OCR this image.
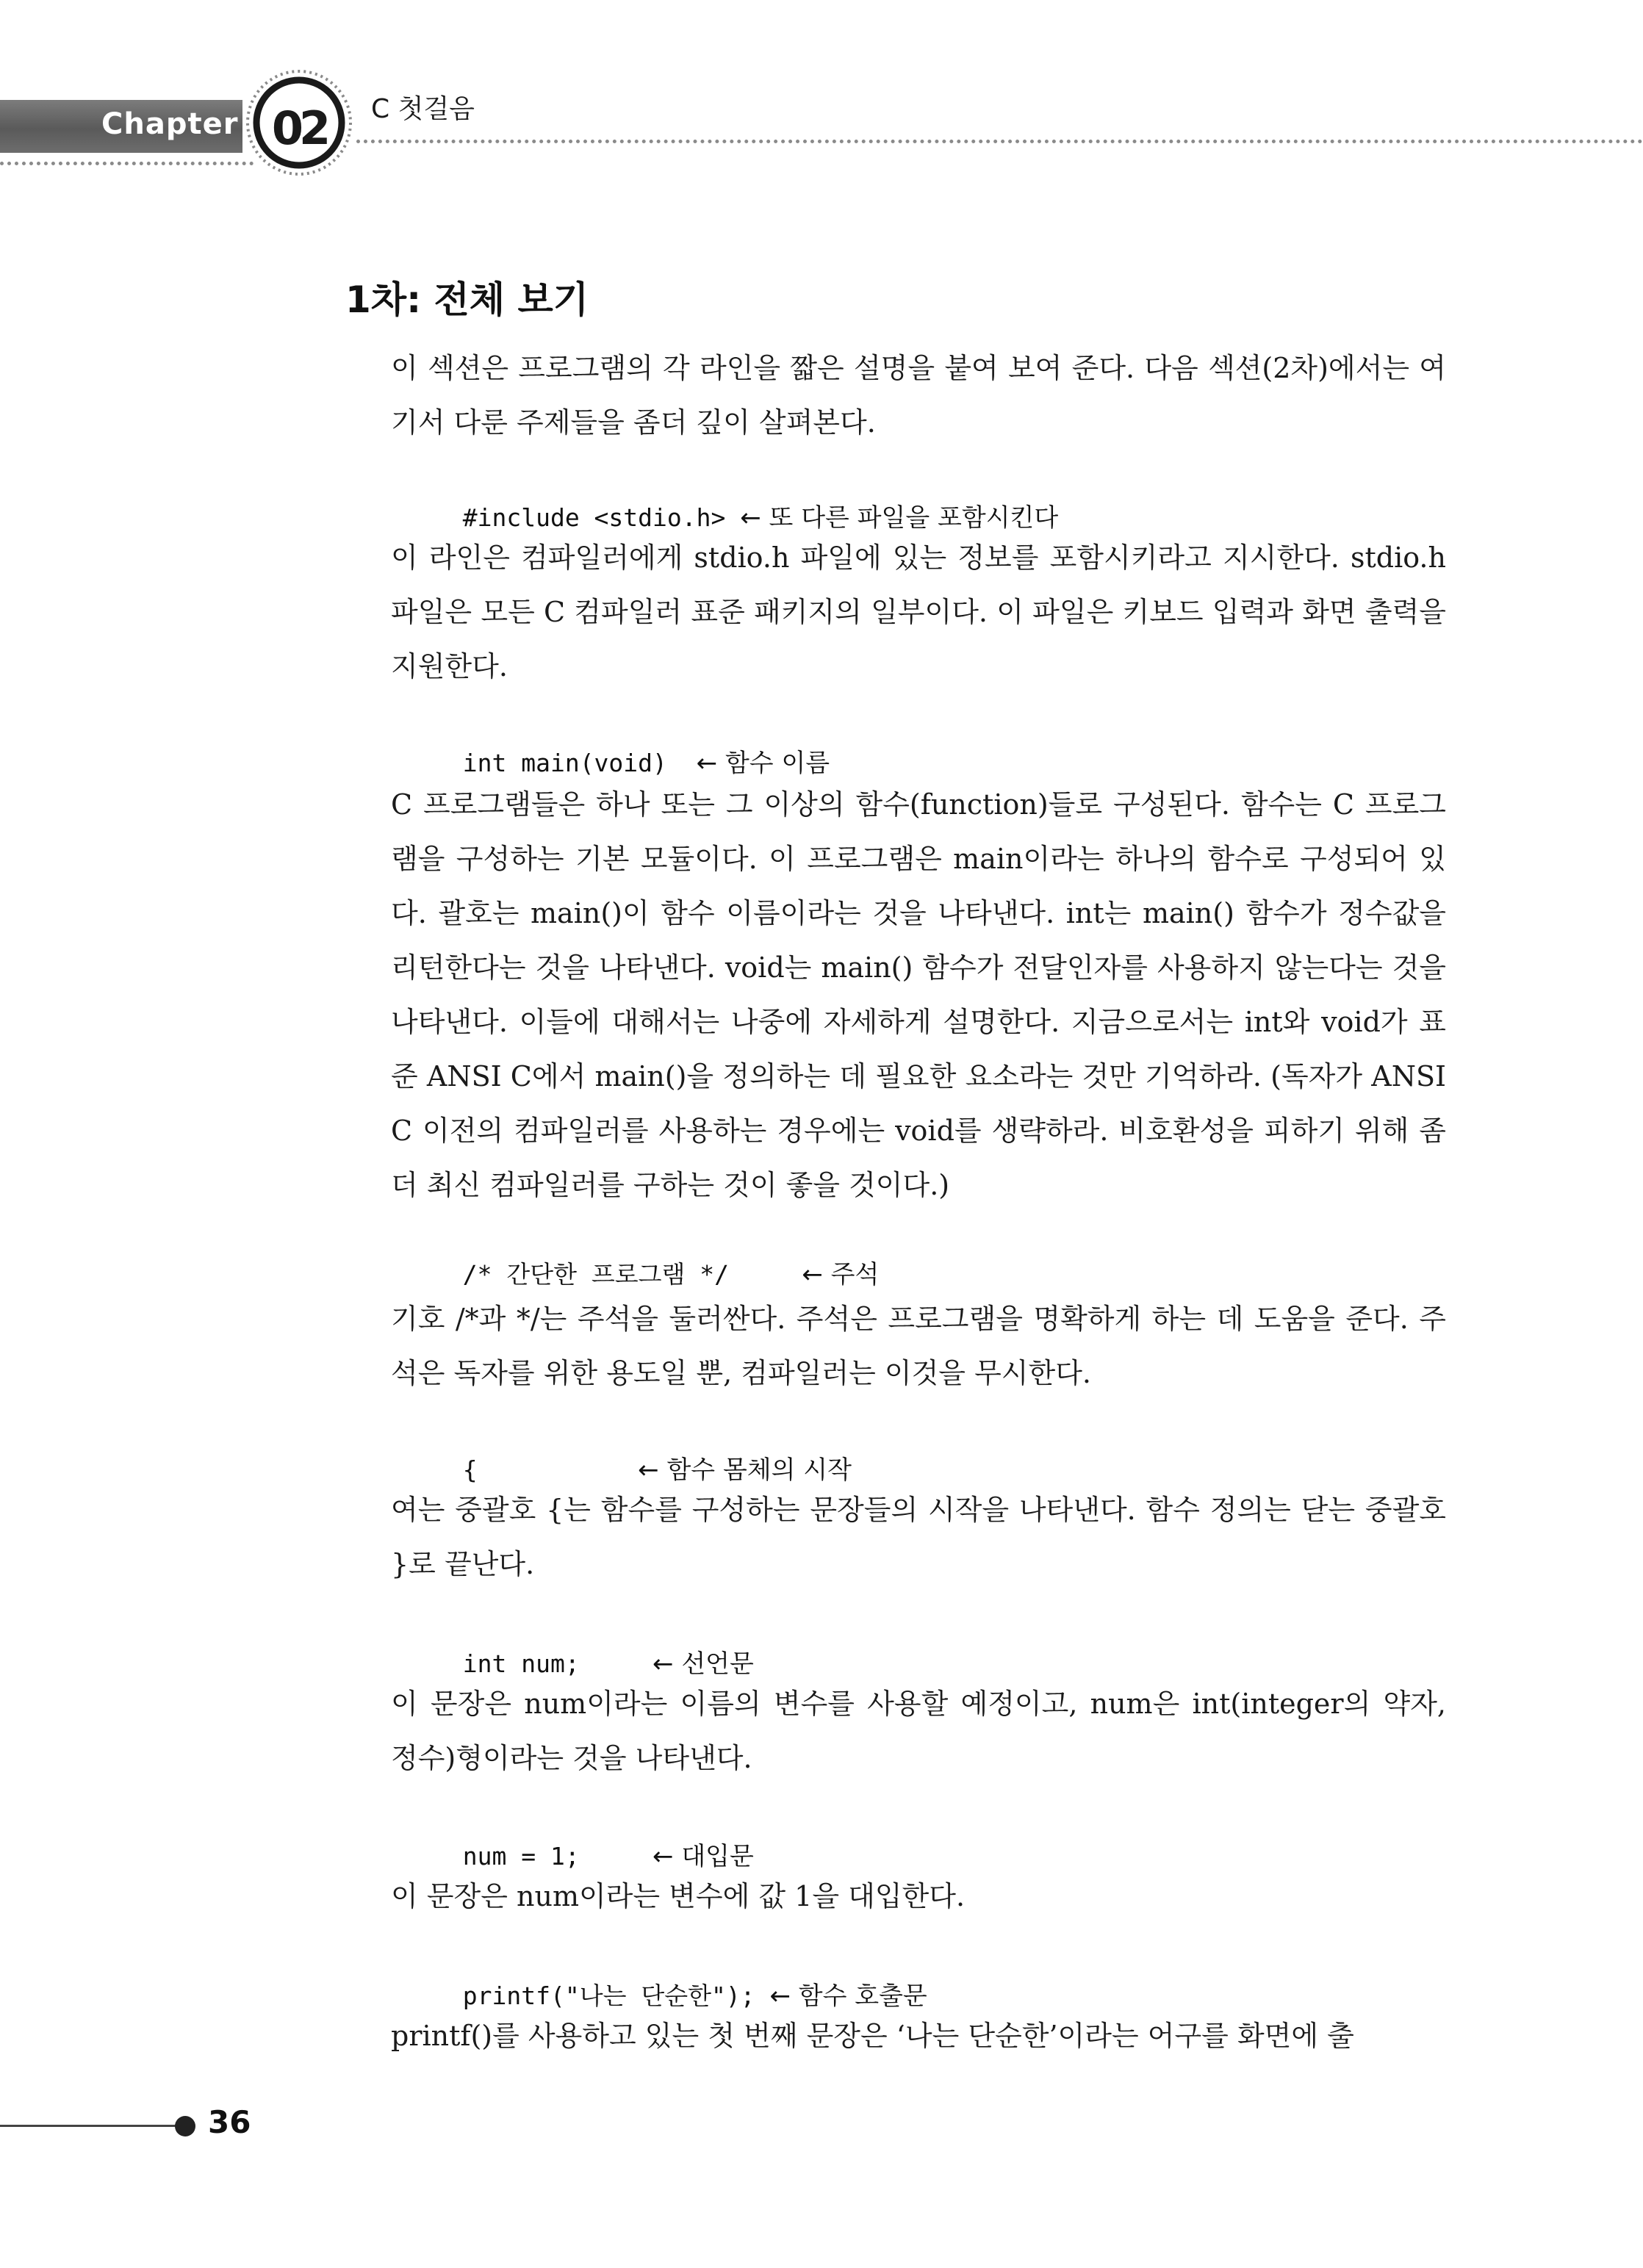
Chapter 02	C 첫걸음
1차: 전체 보기

이 섹션은 프로그램의 각 라인을 짧은 설명을 붙여 보여 준다. 다음 섹션(2차)에서는 여기서 다룬 주제들을 좀더 깊이 살펴본다.

#include <stdio.h> ← 또 다른 파일을 포함시킨다

이 라인은 컴파일러에게 stdio.h 파일에 있는 정보를 포함시키라고 지시한다. stdio.h 파일은 모든 C 컴파일러 표준 패키지의 일부이다. 이 파일은 키보드 입력과 화면 출력을 지원한다.

int main(void) ← 함수 이름

C 프로그램들은 하나 또는 그 이상의 함수(function)들로 구성된다. 함수는 C 프로그램을 구성하는 기본 모듈이다. 이 프로그램은 main이라는 하나의 함수로 구성되어 있다. 괄호는 main()이 함수 이름이라는 것을 나타낸다. int는 main() 함수가 정수값을 리턴한다는 것을 나타낸다. void는 main() 함수가 전달인자를 사용하지 않는다는 것을 나타낸다. 이들에 대해서는 나중에 자세하게 설명한다. 지금으로서는 int와 void가 표준 ANSI C에서 main()을 정의하는 데 필요한 요소라는 것만 기억하라. (독자가 ANSI C 이전의 컴파일러를 사용하는 경우에는 void를 생략하라. 비호환성을 피하기 위해 좀더 최신 컴파일러를 구하는 것이 좋을 것이다.)

/* 간단한 프로그램 */	← 주석

기호 /*과 */는 주석을 둘러싼다. 주석은 프로그램을 명확하게 하는 데 도움을 준다. 주석은 독자를 위한 용도일 뿐, 컴파일러는 이것을 무시한다.

{	← 함수 몸체의 시작

여는 중괄호 {는 함수를 구성하는 문장들의 시작을 나타낸다. 함수 정의는 닫는 중괄호 }로 끝난다.

int num;	← 선언문

이 문장은 num이라는 이름의 변수를 사용할 예정이고, num은 int(integer의 약자, 정수)형이라는 것을 나타낸다.

num = 1;	← 대입문

이 문장은 num이라는 변수에 값 1을 대입한다.

printf("나는 단순한"); ← 함수 호출문

printf()를 사용하고 있는 첫 번째 문장은 ‘나는 단순한’이라는 어구를 화면에 출

36
